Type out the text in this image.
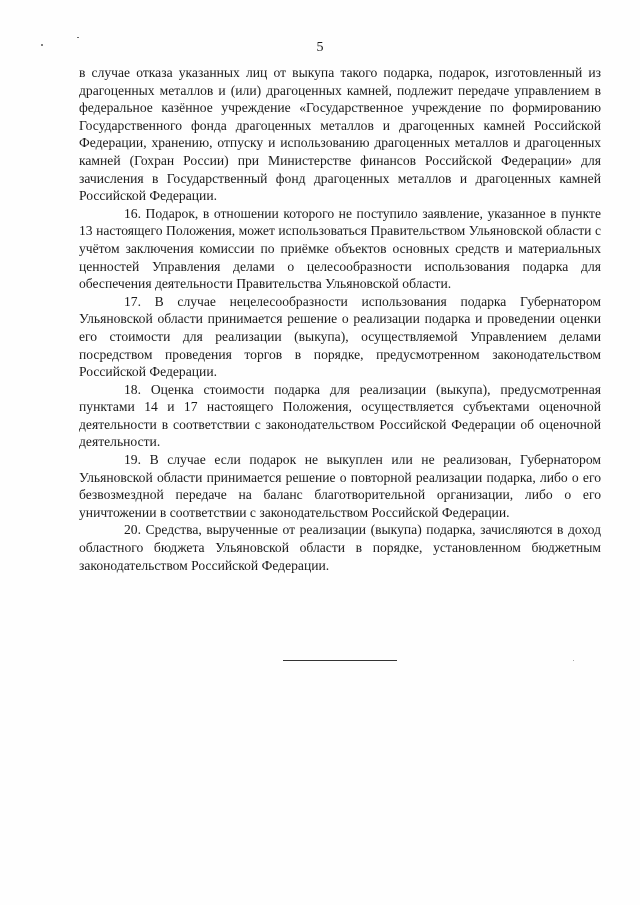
5

в случае отказа указанных лиц от выкупа такого подарка, подарок, изготовленный из драгоценных металлов и (или) драгоценных камней, подлежит передаче управлением в федеральное казённое учреждение «Государственное учреждение по формированию Государственного фонда драгоценных металлов и драгоценных камней Российской Федерации, хранению, отпуску и использованию драгоценных металлов и драгоценных камней (Гохран России) при Министерстве финансов Российской Федерации» для зачисления в Государственный фонд драгоценных металлов и драгоценных камней Российской Федерации.

16. Подарок, в отношении которого не поступило заявление, указанное в пункте 13 настоящего Положения, может использоваться Правительством Ульяновской области с учётом заключения комиссии по приёмке объектов основных средств и материальных ценностей Управления делами о целесообразности использования подарка для обеспечения деятельности Правительства Ульяновской области.

17. В случае нецелесообразности использования подарка Губернатором Ульяновской области принимается решение о реализации подарка и проведении оценки его стоимости для реализации (выкупа), осуществляемой Управлением делами посредством проведения торгов в порядке, предусмотренном законодательством Российской Федерации.

18. Оценка стоимости подарка для реализации (выкупа), предусмотренная пунктами 14 и 17 настоящего Положения, осуществляется субъектами оценочной деятельности в соответствии с законодательством Российской Федерации об оценочной деятельности.

19. В случае если подарок не выкуплен или не реализован, Губернатором Ульяновской области принимается решение о повторной реализации подарка, либо о его безвозмездной передаче на баланс благотворительной организации, либо о его уничтожении в соответствии с законодательством Российской Федерации.

20. Средства, вырученные от реализации (выкупа) подарка, зачисляются в доход областного бюджета Ульяновской области в порядке, установленном бюджетным законодательством Российской Федерации.
